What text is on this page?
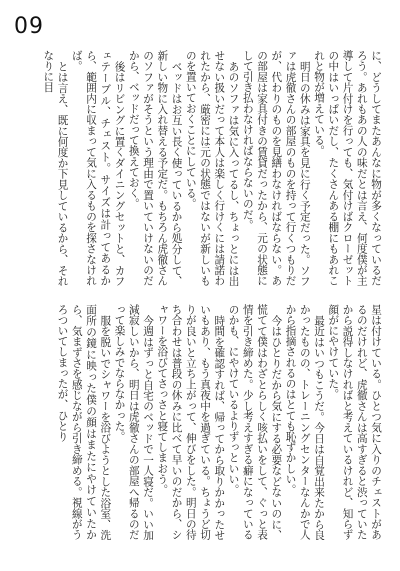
09

に、どうしてまたあんなに物が多くなっているだろう。あれもあの人の味だとは言え、何度僕が主導して片付けを行っても、気付けばクローゼットの中はいっぱいだし、たくさんある棚にもあれこれと物が増えている。

明日の休みは家具を見に行く予定だった。ソファは虎徹さんの部屋のものを持って行くつもりだが、代わりのものを見繕わなければならない。あの部屋は家具付きの賃貸だったから、元の状態にして引き払わなければならないのだ。

あのソファは気に入ってるし、ちょっとには出せない扱いだって本人は楽しく行けくには請諾われたから、厳密には元の状態ではないが新しいものを置いておくことにしている。

ベッドはお互い長く使っているから処分して、新しい物に入れ替える予定だ。もちろん虎徹さんのソファがそうという理由で置いていけないのだから、ベッドだって換えておく。

後はリビングに置くダイニングセットと、カフェテーブル、チェスト。サイズは計ってあるから、範囲内に収まって気に入るものを探さなければ。

とは言え、既に何度か下見しているから、それなりに目

星は付けている。ひとつ気に入りのチェストがあるのだけれど、虎徹さんは高すぎると渋っていたから説得しなければと考えているけれど、知らず顔がにやけていた。

最近はいつもこうだ。今日は自覚出来たから良かったものの、トレーニングセンターなんかで人から指摘されるのはとても恥ずかしい。

今はひとりだから気にする必要などないのに、慌てて僕はわざとらしく咳払いをして、ぐっと表情を引き締めた。少し考えすぎる癖になっているのかも、にやけているよりずっといい。

時間を確認すれば、帰ってから取りかかったせいもあり、もう真夜中を過ぎている。ちょうど切りが良いと立ち上がって、伸びをした。明日の待ち合わせは普段の休みに比べて早いのだから、シャワーを浴びてさっさと寝てしまおう。

今週はずっと自宅のベッドで一人寝だ。いい加減寂しいから、明日は虎徹さんの部屋へ帰るのだって楽しみでならなかった。

服を脱いでシャワーを浴びようとした浴室、洗面所の鏡に映った僕の顔はまたにやけていたから、気まずさを感じながら引き締める。視線がうろついてしまったが、ひとり
